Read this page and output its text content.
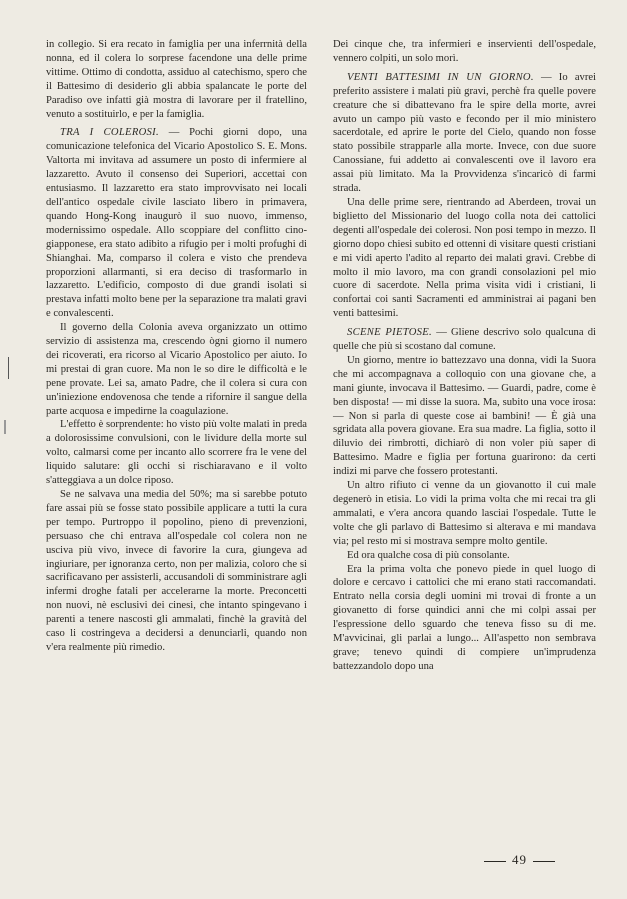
in collegio. Si era recato in famiglia per una inferrnità della nonna, ed il colera lo sorprese facendone una delle prime vittime. Ottimo di condotta, assiduo al catechismo, spero che il Battesimo di desiderio gli abbia spalancate le porte del Paradiso ove infatti già mostra di lavorare per il fratellino, venuto a sostituirlo, e per la famiglia.

TRA I COLEROSI. — Pochi giorni dopo, una comunicazione telefonica del Vicario Apostolico S. E. Mons. Valtorta mi invitava ad assumere un posto di infermiere al lazzaretto. Avuto il consenso dei Superiori, accettai con entusiasmo. Il lazzaretto era stato improvvisato nei locali dell'antico ospedale civile lasciato libero in primavera, quando Hong-Kong inaugurò il suo nuovo, immenso, modernissimo ospedale. Allo scoppiare del conflitto cino-giapponese, era stato adibito a rifugio per i molti profughi di Shianghai. Ma, comparso il colera e visto che prendeva proporzioni allarmanti, si era deciso di trasformarlo in lazzaretto. L'edificio, composto di due grandi isolati si prestava infatti molto bene per la separazione tra malati gravi e convalescenti.

Il governo della Colonia aveva organizzato un ottimo servizio di assistenza ma, crescendo ògni giorno il numero dei ricoverati, era ricorso al Vicario Apostolico per aiuto. Io mi prestai di gran cuore. Ma non le so dire le difficoltà e le pene provate. Lei sa, amato Padre, che il colera si cura con un'iniezione endovenosa che tende a rifornire il sangue della parte acquosa e impedirne la coagulazione.

L'effetto è sorprendente: ho visto più volte malati in preda a dolorosissime convulsioni, con le lividure della morte sul volto, calmarsi come per incanto allo scorrere fra le vene del liquido salutare: gli occhi si rischiaravano e il volto s'atteggiava a un dolce riposo.

Se ne salvava una media del 50%; ma si sarebbe potuto fare assai più se fosse stato possibile applicare a tutti la cura per tempo. Purtroppo il popolino, pieno di prevenzioni, persuaso che chi entrava all'ospedale col colera non ne usciva più vivo, invece di favorire la cura, giungeva ad ingiuriare, per ignoranza certo, non per malizia, coloro che si sacrificavano per assisterli, accusandoli di somministrare agli infermi droghe fatali per accelerarne la morte. Preconcetti non nuovi, nè esclusivi dei cinesi, che intanto spingevano i parenti a tenere nascosti gli ammalati, finchè la gravità del caso li costringeva a decidersi a denunciarli, quando non v'era realmente più rimedio.

Dei cinque che, tra infermieri e inservienti dell'ospedale, vennero colpiti, un solo morì.

VENTI BATTESIMI IN UN GIORNO. — Io avrei preferito assistere i malati più gravi, perchè fra quelle povere creature che si dibattevano fra le spire della morte, avrei avuto un campo più vasto e fecondo per il mio ministero sacerdotale, ed aprire le porte del Cielo, quando non fosse stato possibile strapparle alla morte. Invece, con due suore Canossiane, fui addetto ai convalescenti ove il lavoro era assai più limitato. Ma la Provvidenza s'incaricò di farmi strada.

Una delle prime sere, rientrando ad Aberdeen, trovai un biglietto del Missionario del luogo colla nota dei cattolici degenti all'ospedale dei colerosi. Non posi tempo in mezzo. Il giorno dopo chiesi subito ed ottenni di visitare questi cristiani e mi vidi aperto l'adito al reparto dei malati gravi. Crebbe di molto il mio lavoro, ma con grandi consolazioni pel mio cuore di sacerdote. Nella prima visita vidi i cristiani, li confortai coi santi Sacramenti ed amministrai ai pagani ben venti battesimi.

SCENE PIETOSE. — Gliene descrivo solo qualcuna di quelle che più si scostano dal comune.

Un giorno, mentre io battezzavo una donna, vidi la Suora che mi accompagnava a colloquio con una giovane che, a mani giunte, invocava il Battesimo. — Guardi, padre, come è ben disposta! — mi disse la suora. Ma, subito una voce irosa: — Non si parla di queste cose ai bambini! — È già una sgridata alla povera giovane. Era sua madre. La figlia, sotto il diluvio dei rimbrotti, dichiarò di non voler più saper di Battesimo. Madre e figlia per fortuna guarirono: da certi indizi mi parve che fossero protestanti.

Un altro rifiuto ci venne da un giovanotto il cui male degenerò in etisia. Lo vidi la prima volta che mi recai tra gli ammalati, e v'era ancora quando lasciai l'ospedale. Tutte le volte che gli parlavo di Battesimo si alterava e mi mandava via; pel resto mi si mostrava sempre molto gentile.

Ed ora qualche cosa di più consolante.

Era la prima volta che ponevo piede in quel luogo di dolore e cercavo i cattolici che mi erano stati raccomandati. Entrato nella corsia degli uomini mi trovai di fronte a un giovanetto di forse quindici anni che mi colpì assai per l'espressione dello sguardo che teneva fisso su di me. M'avvicinai, gli parlai a lungo... All'aspetto non sembrava grave; tenevo quindi di compiere un'imprudenza battezzandolo dopo una

49
